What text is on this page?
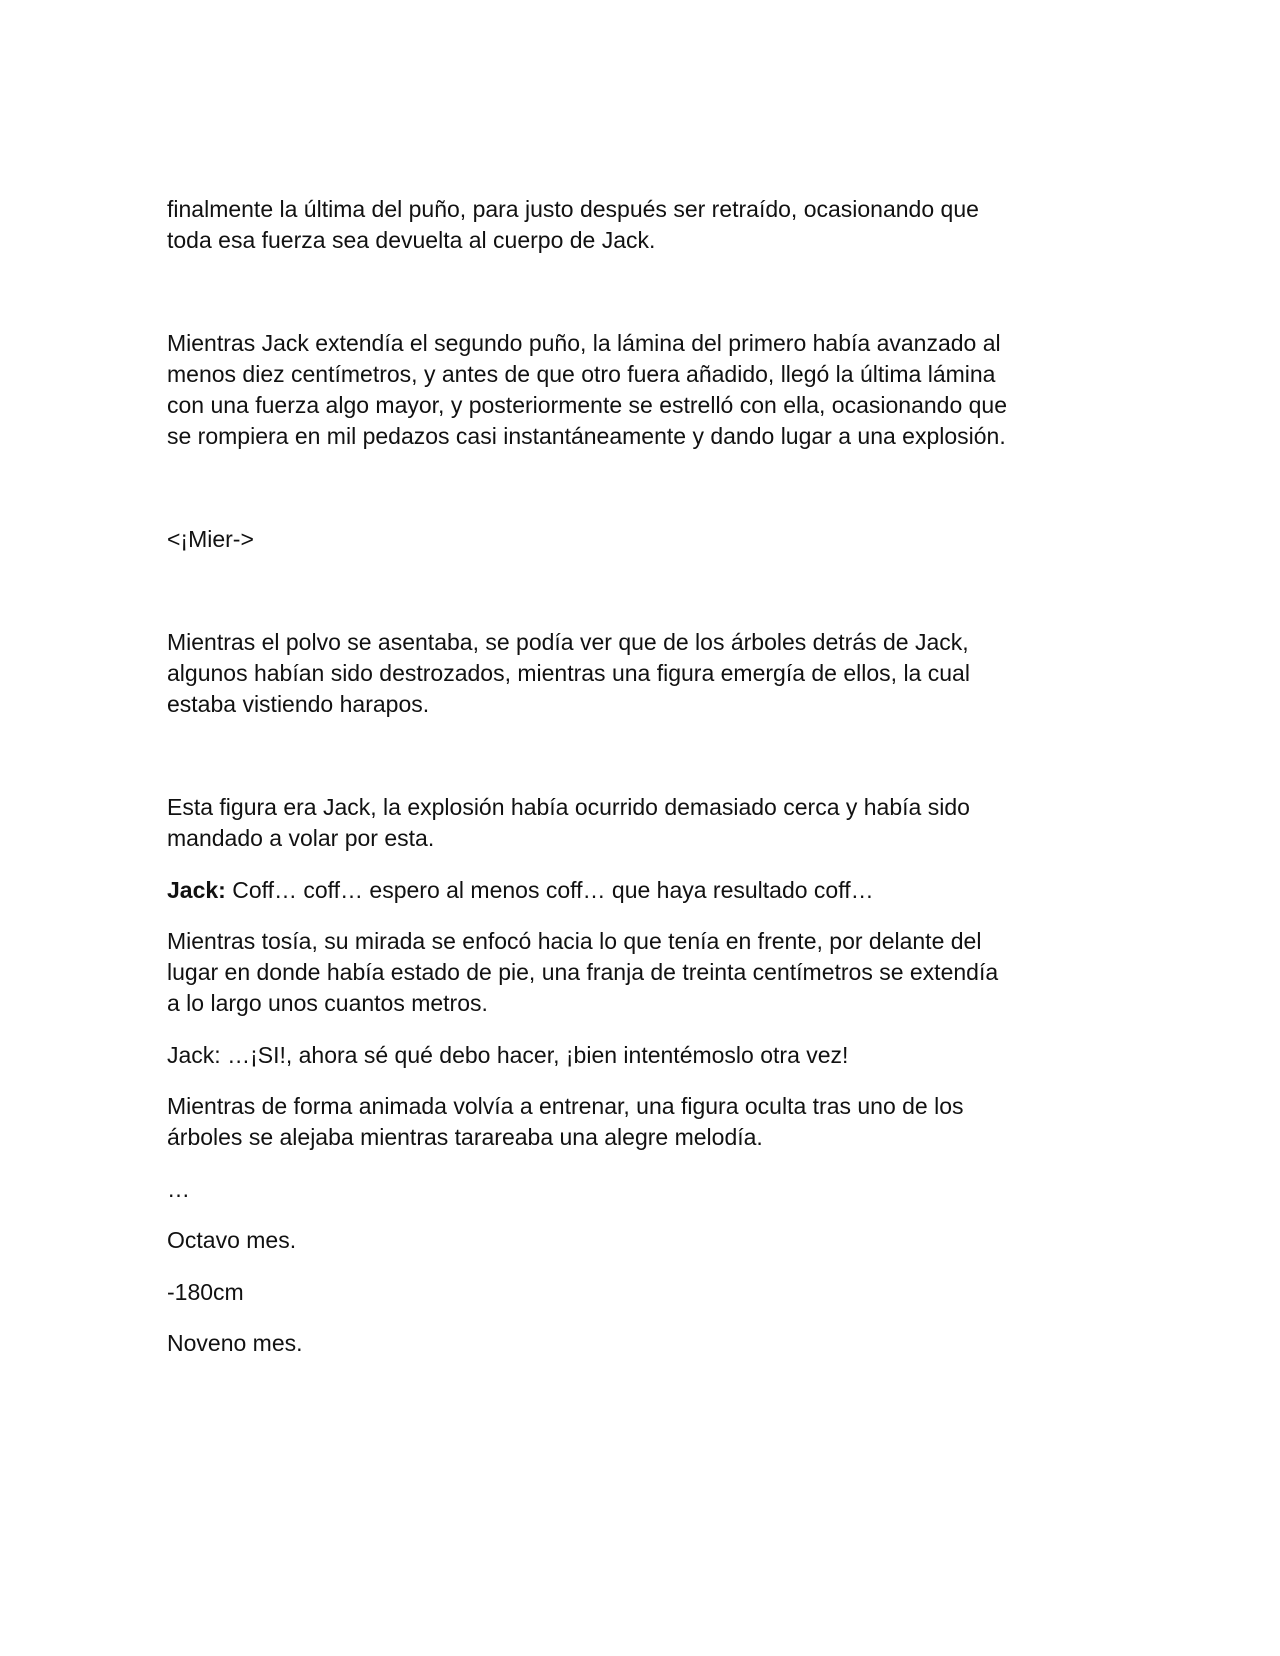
finalmente la última del puño, para justo después ser retraído, ocasionando que
toda esa fuerza sea devuelta al cuerpo de Jack.

Mientras Jack extendía el segundo puño, la lámina del primero había avanzado al
menos diez centímetros, y antes de que otro fuera añadido, llegó la última lámina
con una fuerza algo mayor, y posteriormente se estrelló con ella, ocasionando que
se rompiera en mil pedazos casi instantáneamente y dando lugar a una explosión.

<¡Mier->

Mientras el polvo se asentaba, se podía ver que de los árboles detrás de Jack,
algunos habían sido destrozados, mientras una figura emergía de ellos, la cual
estaba vistiendo harapos.

Esta figura era Jack, la explosión había ocurrido demasiado cerca y había sido
mandado a volar por esta.

Jack: Coff… coff… espero al menos coff… que haya resultado coff…

Mientras tosía, su mirada se enfocó hacia lo que tenía en frente, por delante del
lugar en donde había estado de pie, una franja de treinta centímetros se extendía
a lo largo unos cuantos metros.

Jack: …¡SI!, ahora sé qué debo hacer, ¡bien intentémoslo otra vez!

Mientras de forma animada volvía a entrenar, una figura oculta tras uno de los
árboles se alejaba mientras tarareaba una alegre melodía.

…

Octavo mes.

-180cm

Noveno mes.
